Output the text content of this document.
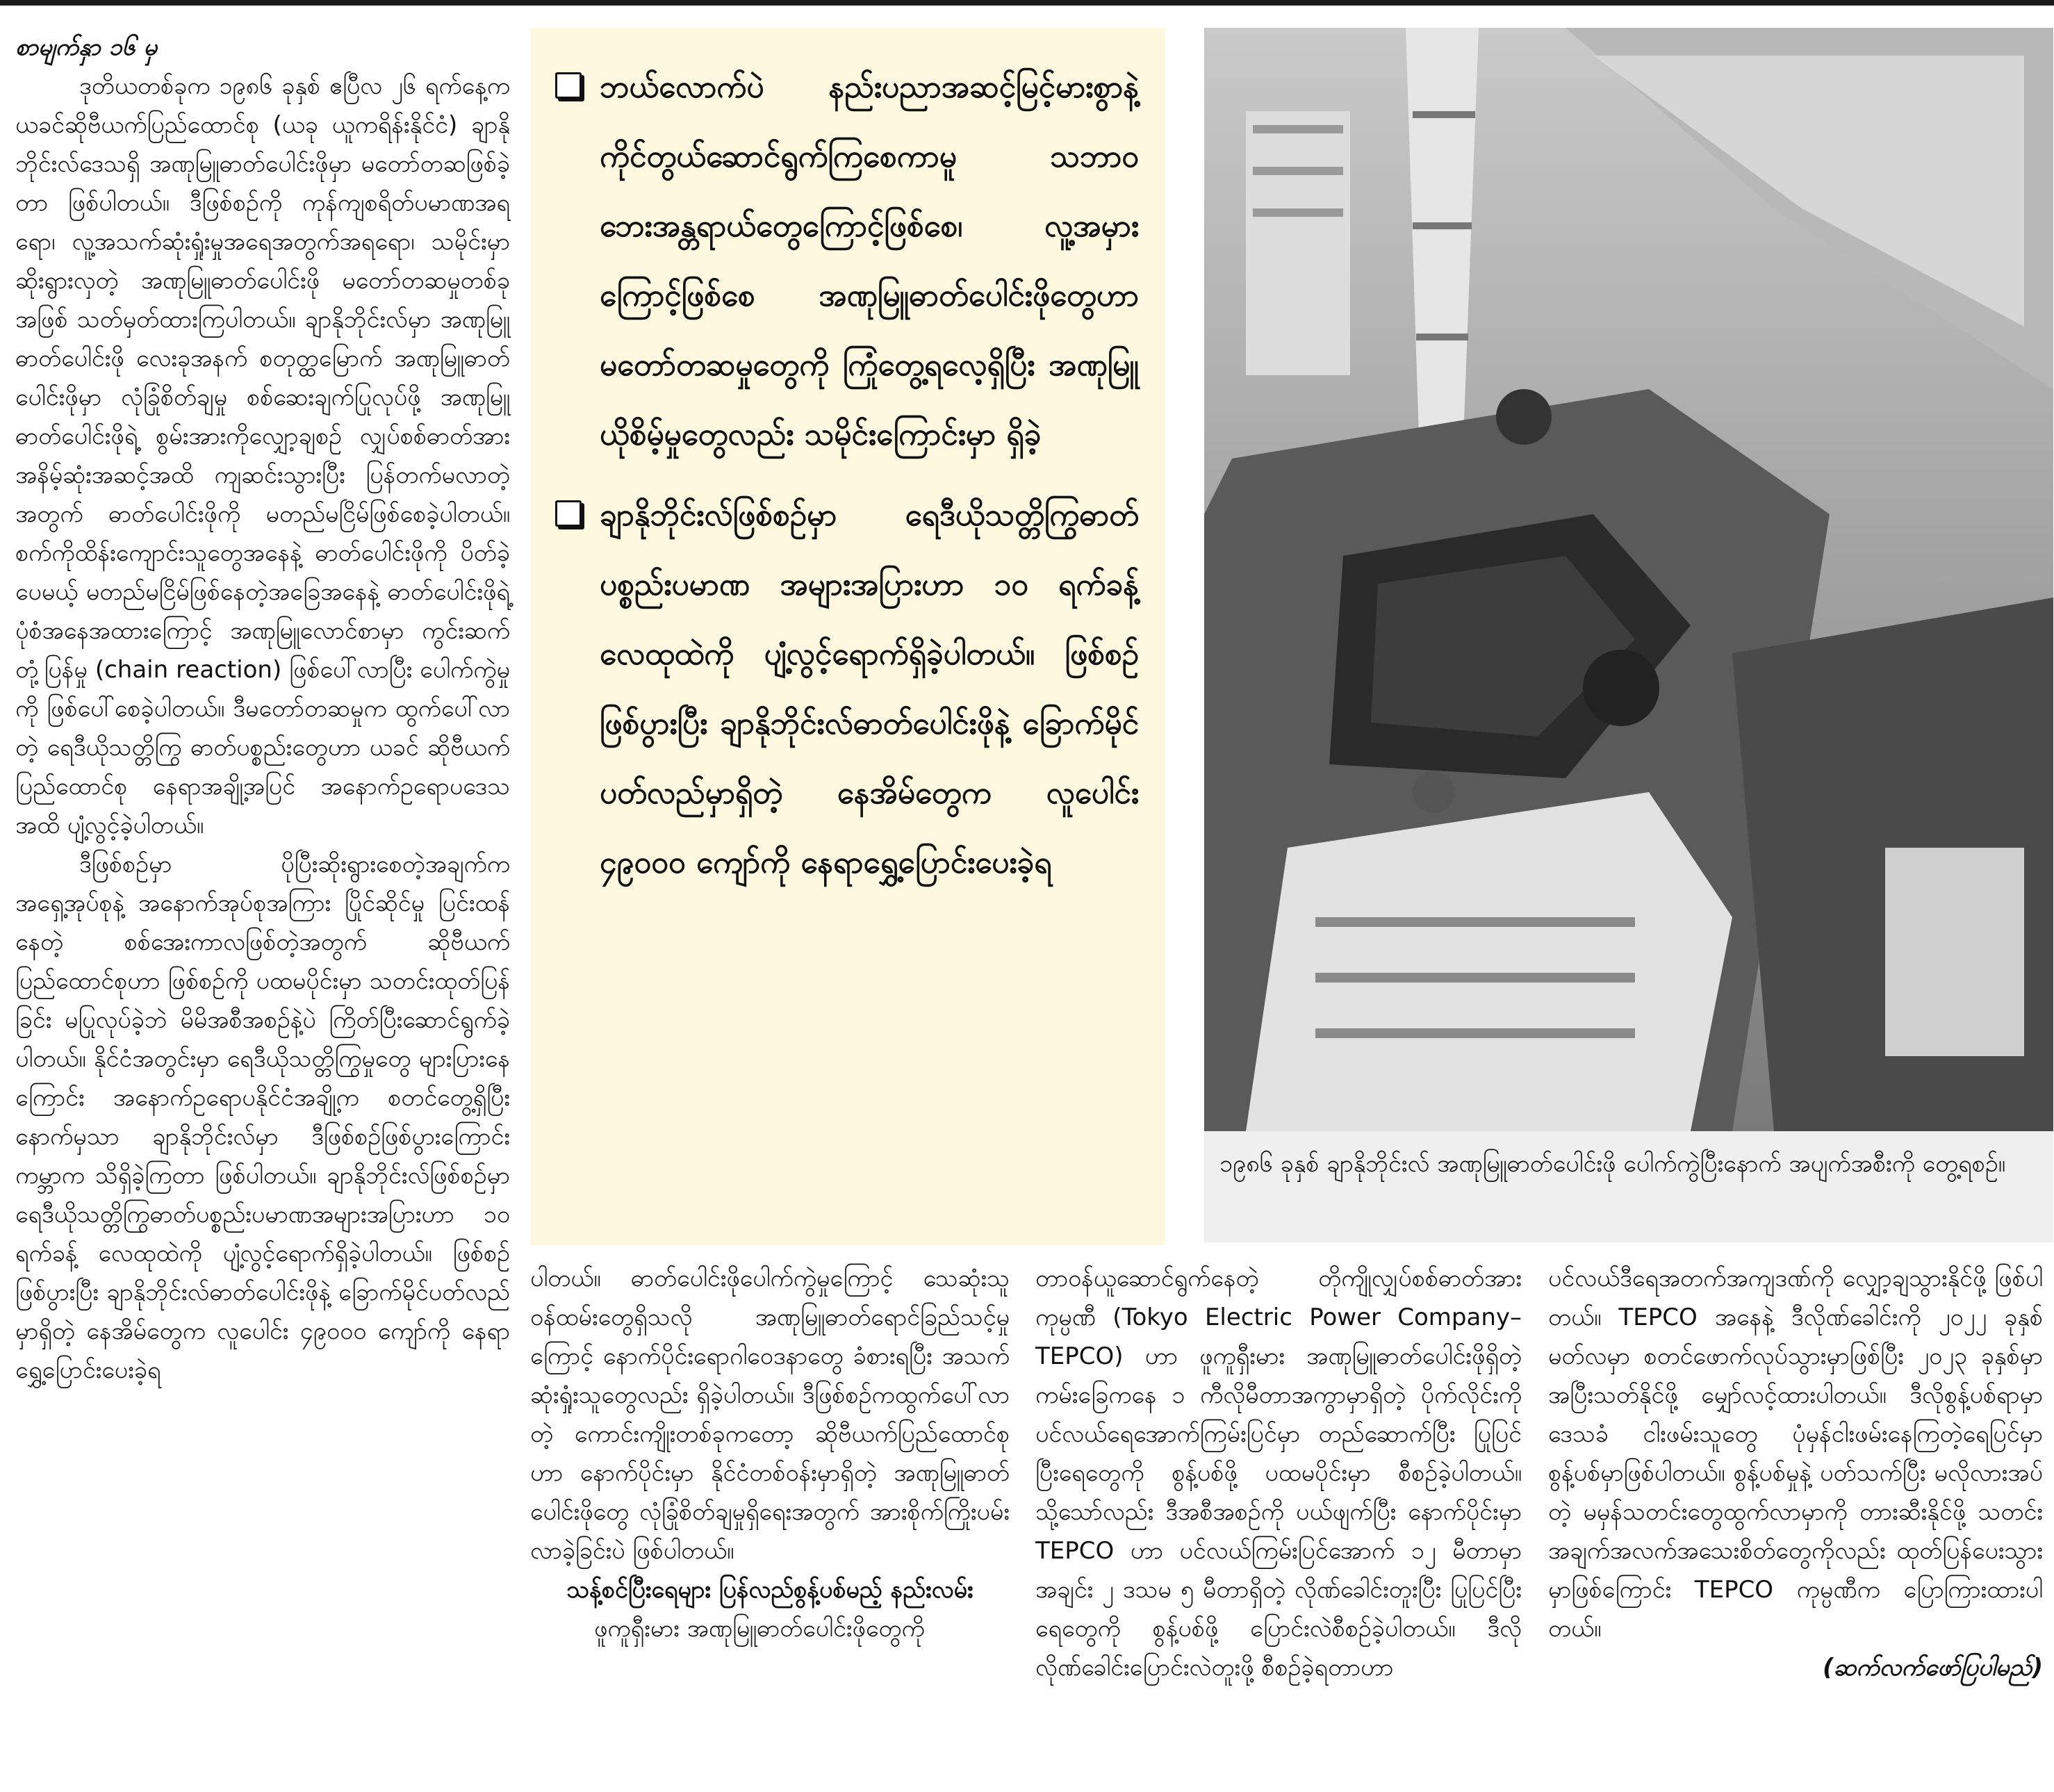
စာမျက်နှာ ၁၆ မှ

ဒုတိယတစ်ခုက ၁၉၈၆ ခုနှစ် ဧပြီလ ၂၆ ရက်နေ့က ယခင်ဆိုဗီယက်ပြည်ထောင်စု (ယခု ယူကရိန်းနိုင်ငံ) ချာနိုဘိုင်းလ်ဒေသရှိ အဏုမြူဓာတ်ပေါင်းဖိုမှာ မတော်တဆဖြစ်ခဲ့တာ ဖြစ်ပါတယ်။ ဒီဖြစ်စဉ်ကို ကုန်ကျစရိတ်ပမာဏအရရော၊ လူ့အသက်ဆုံးရှုံးမှုအရေအတွက်အရရော၊ သမိုင်းမှာ ဆိုးရွားလှတဲ့ အဏုမြူဓာတ်ပေါင်းဖို မတော်တဆမှုတစ်ခုအဖြစ် သတ်မှတ်ထားကြပါတယ်။ ချာနိုဘိုင်းလ်မှာ အဏုမြူဓာတ်ပေါင်းဖို လေးခုအနက် စတုတ္ထမြောက် အဏုမြူဓာတ်ပေါင်းဖိုမှာ လုံခြုံစိတ်ချမှု စစ်ဆေးချက်ပြုလုပ်ဖို့ အဏုမြူဓာတ်ပေါင်းဖိုရဲ့ စွမ်းအားကိုလျှော့ချစဉ် လျှပ်စစ်ဓာတ်အား အနိမ့်ဆုံးအဆင့်အထိ ကျဆင်းသွားပြီး ပြန်တက်မလာတဲ့အတွက် ဓာတ်ပေါင်းဖိုကို မတည်မငြိမ်ဖြစ်စေခဲ့ပါတယ်။ စက်ကိုထိန်းကျောင်းသူတွေအနေနဲ့ ဓာတ်ပေါင်းဖိုကို ပိတ်ခဲ့ပေမယ့် မတည်မငြိမ်ဖြစ်နေတဲ့အခြေအနေနဲ့ ဓာတ်ပေါင်းဖိုရဲ့ ပုံစံအနေအထားကြောင့် အဏုမြူလောင်စာမှာ ကွင်းဆက်တုံ့ပြန်မှု (chain reaction) ဖြစ်ပေါ်လာပြီး ပေါက်ကွဲမှုကို ဖြစ်ပေါ်စေခဲ့ပါတယ်။ ဒီမတော်တဆမှုက ထွက်ပေါ်လာတဲ့ ရေဒီယိုသတ္တိကြွ ဓာတ်ပစ္စည်းတွေဟာ ယခင် ဆိုဗီယက်ပြည်ထောင်စု နေရာအချို့အပြင် အနောက်ဥရောပဒေသအထိ ပျံ့လွင့်ခဲ့ပါတယ်။

ဒီဖြစ်စဉ်မှာ ပိုပြီးဆိုးရွားစေတဲ့အချက်က အရှေ့အုပ်စုနဲ့ အနောက်အုပ်စုအကြား ပြိုင်ဆိုင်မှု ပြင်းထန်နေတဲ့ စစ်အေးကာလဖြစ်တဲ့အတွက် ဆိုဗီယက်ပြည်ထောင်စုဟာ ဖြစ်စဉ်ကို ပထမပိုင်းမှာ သတင်းထုတ်ပြန်ခြင်း မပြုလုပ်ခဲ့ဘဲ မိမိအစီအစဉ်နဲ့ပဲ ကြိတ်ပြီးဆောင်ရွက်ခဲ့ပါတယ်။ နိုင်ငံအတွင်းမှာ ရေဒီယိုသတ္တိကြွမှုတွေ များပြားနေကြောင်း အနောက်ဥရောပနိုင်ငံအချို့က စတင်တွေ့ရှိပြီးနောက်မှသာ ချာနိုဘိုင်းလ်မှာ ဒီဖြစ်စဉ်ဖြစ်ပွားကြောင်း ကမ္ဘာက သိရှိခဲ့ကြတာ ဖြစ်ပါတယ်။ ချာနိုဘိုင်းလ်ဖြစ်စဉ်မှာ ရေဒီယိုသတ္တိကြွဓာတ်ပစ္စည်းပမာဏအများအပြားဟာ ၁၀ ရက်ခန့် လေထုထဲကို ပျံ့လွင့်ရောက်ရှိခဲ့ပါတယ်။ ဖြစ်စဉ်ဖြစ်ပွားပြီး ချာနိုဘိုင်းလ်ဓာတ်ပေါင်းဖိုနဲ့ ခြောက်မိုင်ပတ်လည်မှာရှိတဲ့ နေအိမ်တွေက လူပေါင်း ၄၉၀၀၀ ကျော်ကို နေရာရွှေ့ပြောင်းပေးခဲ့ရ

ဘယ်လောက်ပဲ နည်းပညာအဆင့်မြင့်မားစွာနဲ့ ကိုင်တွယ်ဆောင်ရွက်ကြစေကာမူ သဘာဝဘေးအန္တရာယ်တွေကြောင့်ဖြစ်စေ၊ လူ့အမှားကြောင့်ဖြစ်စေ အဏုမြူဓာတ်ပေါင်းဖိုတွေဟာ မတော်တဆမှုတွေကို ကြုံတွေ့ရလေ့ရှိပြီး အဏုမြူယိုစိမ့်မှုတွေလည်း သမိုင်းကြောင်းမှာ ရှိခဲ့
ချာနိုဘိုင်းလ်ဖြစ်စဉ်မှာ ရေဒီယိုသတ္တိကြွဓာတ်ပစ္စည်းပမာဏ အများအပြားဟာ ၁၀ ရက်ခန့် လေထုထဲကို ပျံ့လွင့်ရောက်ရှိခဲ့ပါတယ်။ ဖြစ်စဉ်ဖြစ်ပွားပြီး ချာနိုဘိုင်းလ်ဓာတ်ပေါင်းဖိုနဲ့ ခြောက်မိုင်ပတ်လည်မှာရှိတဲ့ နေအိမ်တွေက လူပေါင်း ၄၉၀၀၀ ကျော်ကို နေရာရွှေ့ပြောင်းပေးခဲ့ရ
၁၉၈၆ ခုနှစ် ချာနိုဘိုင်းလ် အဏုမြူဓာတ်ပေါင်းဖို ပေါက်ကွဲပြီးနောက် အပျက်အစီးကို တွေ့ရစဉ်။

ပါတယ်။ ဓာတ်ပေါင်းဖိုပေါက်ကွဲမှုကြောင့် သေဆုံးသူဝန်ထမ်းတွေရှိသလို အဏုမြူဓာတ်ရောင်ခြည်သင့်မှုကြောင့် နောက်ပိုင်းရောဂါဝေဒနာတွေ ခံစားရပြီး အသက်ဆုံးရှုံးသူတွေလည်း ရှိခဲ့ပါတယ်။ ဒီဖြစ်စဉ်ကထွက်ပေါ်လာတဲ့ ကောင်းကျိုးတစ်ခုကတော့ ဆိုဗီယက်ပြည်ထောင်စုဟာ နောက်ပိုင်းမှာ နိုင်ငံတစ်ဝန်းမှာရှိတဲ့ အဏုမြူဓာတ်ပေါင်းဖိုတွေ လုံခြုံစိတ်ချမှုရှိရေးအတွက် အားစိုက်ကြိုးပမ်းလာခဲ့ခြင်းပဲ ဖြစ်ပါတယ်။

သန့်စင်ပြီးရေများ ပြန်လည်စွန့်ပစ်မည့် နည်းလမ်း

ဖူကူရှီးမား အဏုမြူဓာတ်ပေါင်းဖိုတွေကို

တာဝန်ယူဆောင်ရွက်နေတဲ့ တိုကျိုလျှပ်စစ်ဓာတ်အားကုမ္ပဏီ (Tokyo Electric Power Company–TEPCO) ဟာ ဖူကူရှီးမား အဏုမြူဓာတ်ပေါင်းဖိုရှိတဲ့ ကမ်းခြေကနေ ၁ ကီလိုမီတာအကွာမှာရှိတဲ့ ပိုက်လိုင်းကို ပင်လယ်ရေအောက်ကြမ်းပြင်မှာ တည်ဆောက်ပြီး ပြုပြင်ပြီးရေတွေကို စွန့်ပစ်ဖို့ ပထမပိုင်းမှာ စီစဉ်ခဲ့ပါတယ်။ သို့သော်လည်း ဒီအစီအစဉ်ကို ပယ်ဖျက်ပြီး နောက်ပိုင်းမှာ TEPCO ဟာ ပင်လယ်ကြမ်းပြင်အောက် ၁၂ မီတာမှာ အချင်း ၂ ဒသမ ၅ မီတာရှိတဲ့ လိုဏ်ခေါင်းတူးပြီး ပြုပြင်ပြီးရေတွေကို စွန့်ပစ်ဖို့ ပြောင်းလဲစီစဉ်ခဲ့ပါတယ်။ ဒီလို လိုဏ်ခေါင်းပြောင်းလဲတူးဖို့ စီစဉ်ခဲ့ရတာဟာ

ပင်လယ်ဒီရေအတက်အကျဒဏ်ကို လျှော့ချသွားနိုင်ဖို့ ဖြစ်ပါတယ်။ TEPCO အနေနဲ့ ဒီလိုဏ်ခေါင်းကို ၂၀၂၂ ခုနှစ် မတ်လမှာ စတင်ဖောက်လုပ်သွားမှာဖြစ်ပြီး ၂၀၂၃ ခုနှစ်မှာအပြီးသတ်နိုင်ဖို့ မျှော်လင့်ထားပါတယ်။ ဒီလိုစွန့်ပစ်ရာမှာ ဒေသခံ ငါးဖမ်းသူတွေ ပုံမှန်ငါးဖမ်းနေကြတဲ့ရေပြင်မှာ စွန့်ပစ်မှာဖြစ်ပါတယ်။ စွန့်ပစ်မှုနဲ့ ပတ်သက်ပြီး မလိုလားအပ်တဲ့ မမှန်သတင်းတွေထွက်လာမှာကို တားဆီးနိုင်ဖို့ သတင်းအချက်အလက်အသေးစိတ်တွေကိုလည်း ထုတ်ပြန်ပေးသွားမှာဖြစ်ကြောင်း TEPCO ကုမ္ပဏီက ပြောကြားထားပါတယ်။

(ဆက်လက်ဖော်ပြပါမည်)
